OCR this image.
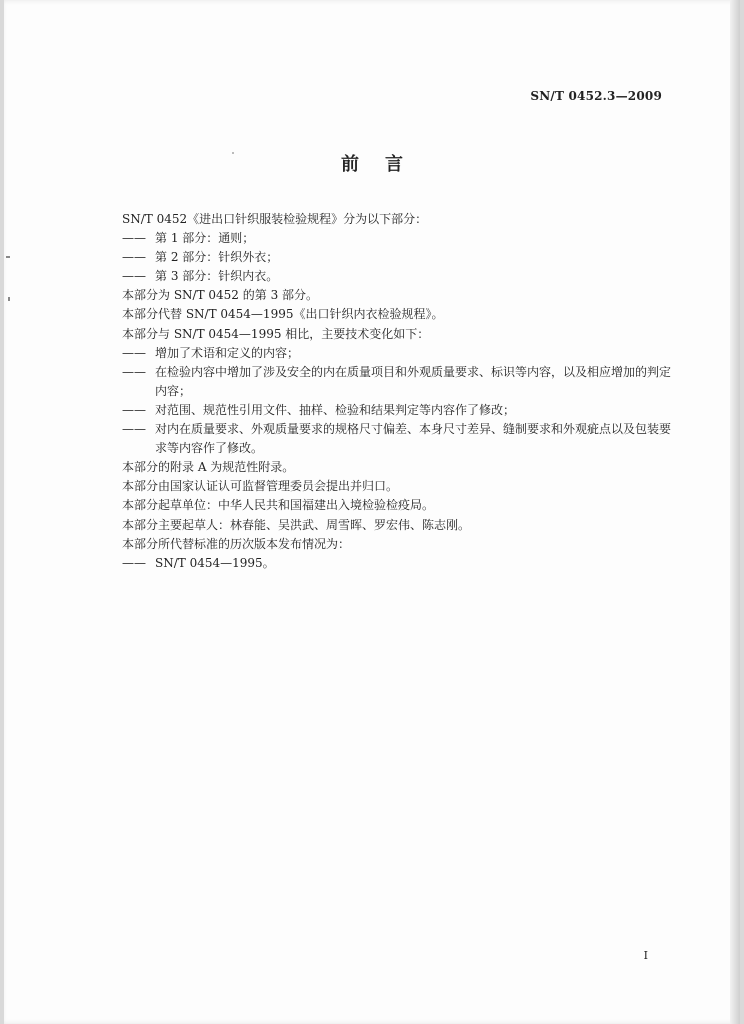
SN/T 0452.3—2009
前言
SN/T 0452《进出口针织服装检验规程》分为以下部分：
—— 第 1 部分：通则；
—— 第 2 部分：针织外衣；
—— 第 3 部分：针织内衣。
本部分为 SN/T 0452 的第 3 部分。
本部分代替 SN/T 0454—1995《出口针织内衣检验规程》。
本部分与 SN/T 0454—1995 相比，主要技术变化如下：
—— 增加了术语和定义的内容；
—— 在检验内容中增加了涉及安全的内在质量项目和外观质量要求、标识等内容，以及相应增加的判定内容；
—— 对范围、规范性引用文件、抽样、检验和结果判定等内容作了修改；
—— 对内在质量要求、外观质量要求的规格尺寸偏差、本身尺寸差异、缝制要求和外观疵点以及包装要求等内容作了修改。
本部分的附录 A 为规范性附录。
本部分由国家认证认可监督管理委员会提出并归口。
本部分起草单位：中华人民共和国福建出入境检验检疫局。
本部分主要起草人：林春能、吴洪武、周雪晖、罗宏伟、陈志刚。
本部分所代替标准的历次版本发布情况为：
—— SN/T 0454—1995。
I
